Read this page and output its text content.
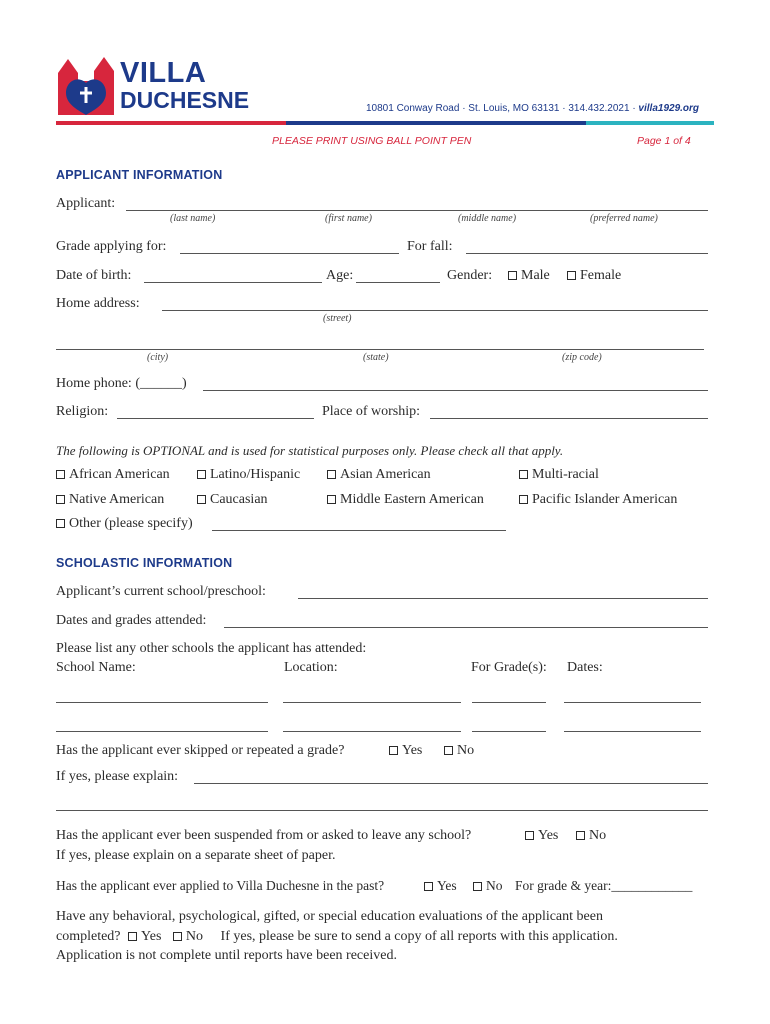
VILLA
DUCHESNE	10801 Conway Road · St. Louis, MO 63131 · 314.432.2021 · villa1929.org
PLEASE PRINT USING BALL POINT PEN	Page 1 of 4
APPLICANT INFORMATION
Applicant:
(last name)	(first name)	(middle name)	(preferred name)
Grade applying for:	For fall:
Date of birth:	Age:	Gender:	Male	Female
Home address:
(street)
(city)	(state)	(zip code)
Home phone: (______)
Religion:	Place of worship:
The following is OPTIONAL and is used for statistical purposes only. Please check all that apply.
African American	Latino/Hispanic	Asian American	Multi-racial
Native American	Caucasian	Middle Eastern American	Pacific Islander American
Other (please specify)
SCHOLASTIC INFORMATION
Applicant’s current school/preschool:
Dates and grades attended:
Please list any other schools the applicant has attended:
School Name:	Location:	For Grade(s): Dates:
Has the applicant ever skipped or repeated a grade?	Yes	No
If yes, please explain:
Has the applicant ever been suspended from or asked to leave any school?	Yes	No
If yes, please explain on a separate sheet of paper.
Has the applicant ever applied to Villa Duchesne in the past?	Yes	No For grade & year:____________
Have any behavioral, psychological, gifted, or special education evaluations of the applicant been
completed? Yes No If yes, please be sure to send a copy of all reports with this application.
Application is not complete until reports have been received.
